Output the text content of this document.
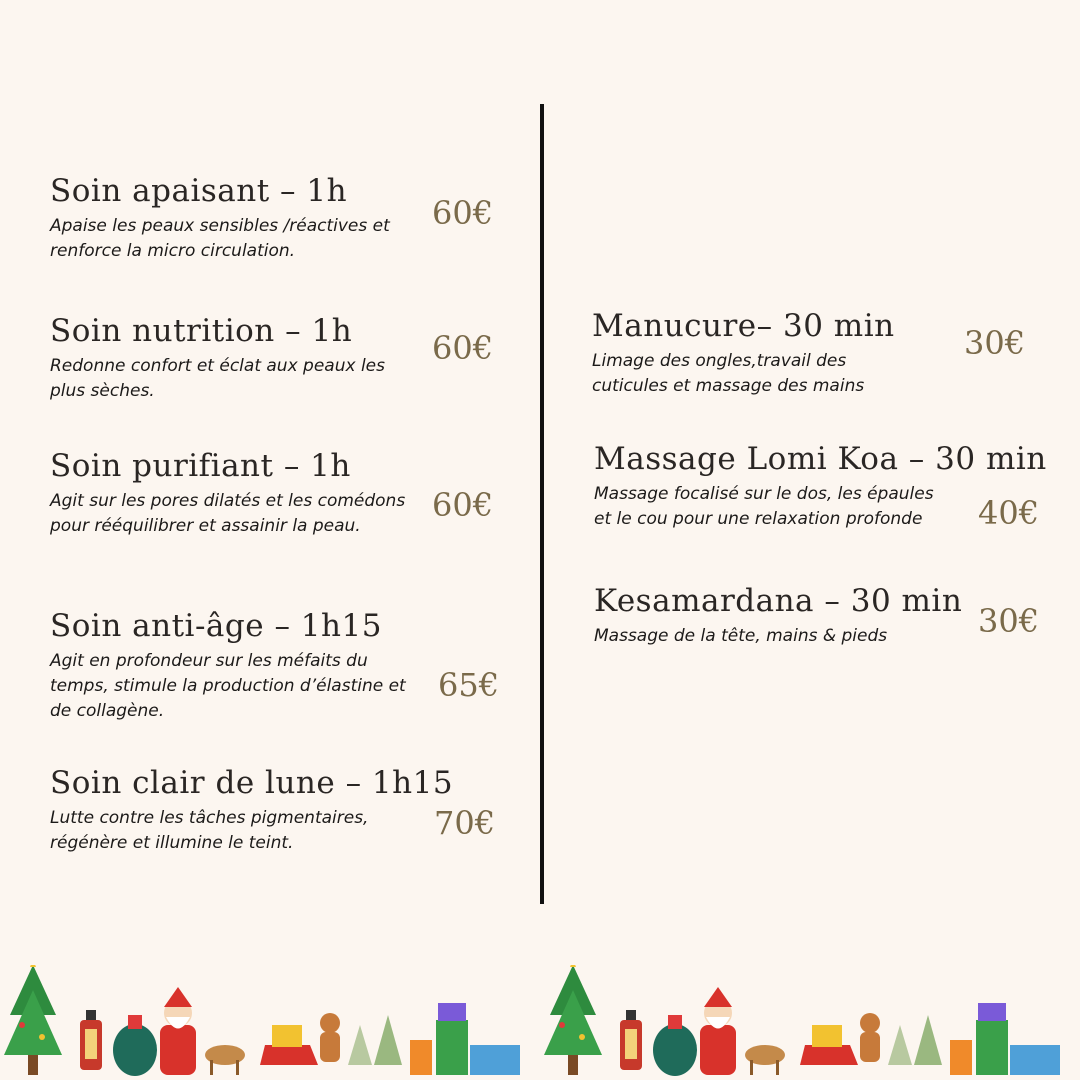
Soin apaisant – 1h
Apaise les peaux sensibles /réactives et renforce la micro circulation.
60€
Soin nutrition – 1h
Redonne confort et éclat aux peaux les plus sèches.
60€
Soin purifiant – 1h
Agit sur les pores dilatés et les comédons pour rééquilibrer et assainir la peau.
60€
Soin anti-âge – 1h15
Agit en profondeur sur les méfaits du temps, stimule la production d’élastine et de collagène.
65€
Soin clair de lune – 1h15
Lutte contre les tâches pigmentaires, régénère et illumine le teint.
70€
Manucure– 30 min
Limage des ongles,travail des cuticules et massage des mains
30€
Massage Lomi Koa – 30 min
Massage focalisé sur le dos, les épaules et le cou pour une relaxation profonde	40€
Kesamardana – 30 min
Massage de la tête, mains & pieds	30€
